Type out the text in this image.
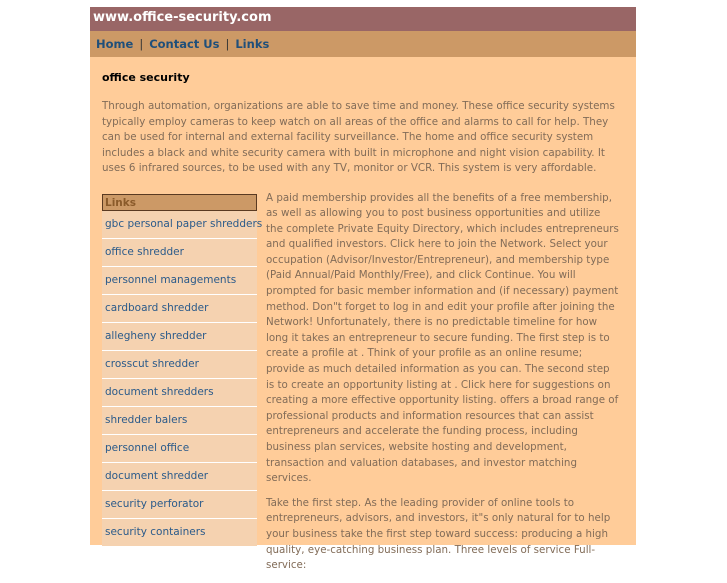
www.office-security.com
Home | Contact Us | Links
office security

Through automation, organizations are able to save time and money. These office security systems typically employ cameras to keep watch on all areas of the office and alarms to call for help. They can be used for internal and external facility surveillance. The home and office security system includes a black and white security camera with built in microphone and night vision capability. It uses 6 infrared sources, to be used with any TV, monitor or VCR. This system is very affordable.

Links
gbc personal paper shredders
office shredder
personnel managements
cardboard shredder
allegheny shredder
crosscut shredder
document shredders
shredder balers
personnel office
document shredder
security perforator
security containers

A paid membership provides all the benefits of a free membership, as well as allowing you to post business opportunities and utilize the complete Private Equity Directory, which includes entrepreneurs and qualified investors. Click here to join the Network. Select your occupation (Advisor/Investor/Entrepreneur), and membership type (Paid Annual/Paid Monthly/Free), and click Continue. You will prompted for basic member information and (if necessary) payment method. Don"t forget to log in and edit your profile after joining the Network! Unfortunately, there is no predictable timeline for how long it takes an entrepreneur to secure funding. The first step is to create a profile at . Think of your profile as an online resume; provide as much detailed information as you can. The second step is to create an opportunity listing at . Click here for suggestions on creating a more effective opportunity listing. offers a broad range of professional products and information resources that can assist entrepreneurs and accelerate the funding process, including business plan services, website hosting and development, transaction and valuation databases, and investor matching services.

Take the first step. As the leading provider of online tools to entrepreneurs, advisors, and investors, it"s only natural for to help your business take the first step toward success: producing a high quality, eye-catching business plan. Three levels of service Full-service:
